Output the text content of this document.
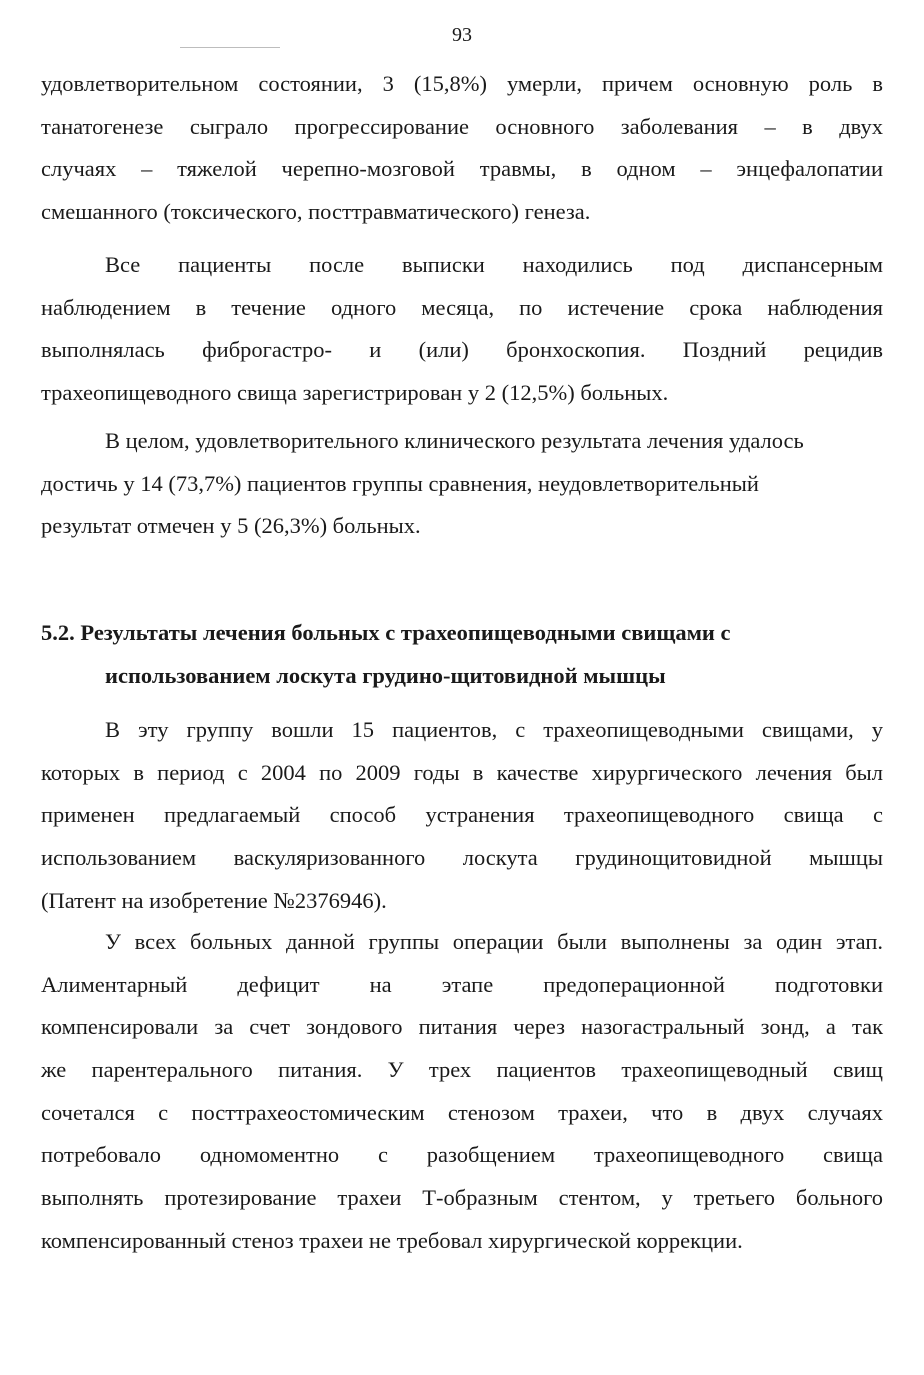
93
удовлетворительном состоянии, 3 (15,8%) умерли, причем основную роль в
танатогенезе сыграло прогрессирование основного заболевания – в двух
случаях – тяжелой черепно-мозговой травмы, в одном – энцефалопатии
смешанного (токсического, посттравматического) генеза.
Все пациенты после выписки находились под диспансерным
наблюдением в течение одного месяца, по истечение срока наблюдения
выполнялась фиброгастро- и (или) бронхоскопия. Поздний рецидив
трахеопищеводного свища зарегистрирован у 2 (12,5%) больных.
В целом, удовлетворительного клинического результата лечения удалось
достичь у 14 (73,7%) пациентов группы сравнения, неудовлетворительный
результат отмечен у 5 (26,3%) больных.
5.2. Результаты лечения больных с трахеопищеводными свищами с
использованием лоскута грудино-щитовидной мышцы
В эту группу вошли 15 пациентов, с трахеопищеводными свищами, у
которых в период с 2004 по 2009 годы в качестве хирургического лечения был
применен предлагаемый способ устранения трахеопищеводного свища с
использованием васкуляризованного лоскута грудинощитовидной мышцы
(Патент на изобретение №2376946).
У всех больных данной группы операции были выполнены за один этап.
Алиментарный дефицит на этапе предоперационной подготовки
компенсировали за счет зондового питания через назогастральный зонд, а так
же парентерального питания. У трех пациентов трахеопищеводный свищ
сочетался с посттрахеостомическим стенозом трахеи, что в двух случаях
потребовало одномоментно с разобщением трахеопищеводного свища
выполнять протезирование трахеи Т-образным стентом, у третьего больного
компенсированный стеноз трахеи не требовал хирургической коррекции.
